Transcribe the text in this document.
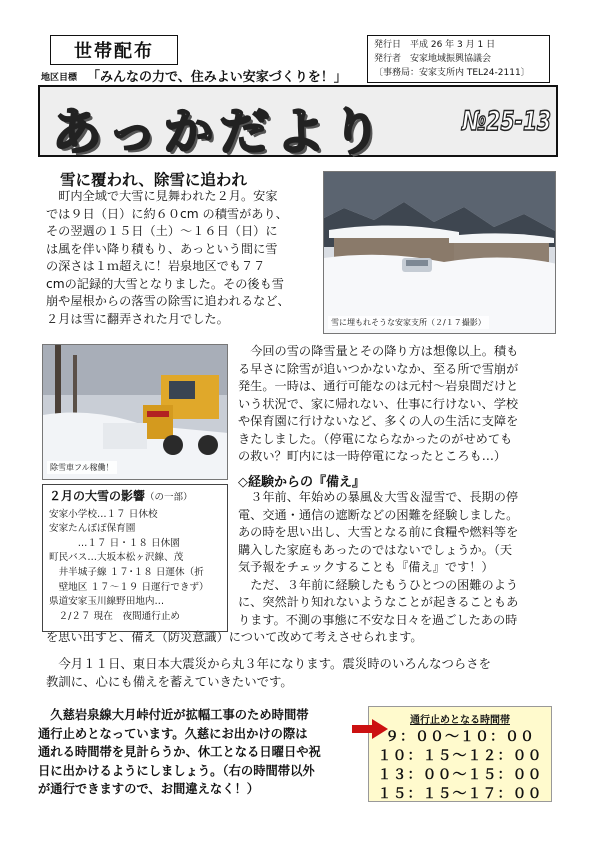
世帯配布
地区目標 「みんなの力で、住みよい安家づくりを！」
発行日 平成 26 年 3 月 1 日
発行者 安家地域振興協議会
〔事務局：安家支所内 TEL24-2111〕
あっかだより	№25-13
雪に覆われ、除雪に追われ
町内全域で大雪に見舞われた２月。安家
では９日（日）に約６０cm の積雪があり、
その翌週の１５日（土）〜１６日（日）に
は風を伴い降り積もり、あっという間に雪
の深さは１ｍ超えに！岩泉地区でも７７
cmの記録的大雪となりました。その後も雪
崩や屋根からの落雪の除雪に追われるなど、
２月は雪に翻弄された月でした。	雪に埋もれそうな安家支所（２/１７撮影）
除雪車フル稼働！
今回の雪の降雪量とその降り方は想像以上。積も
る早さに除雪が追いつかないなか、至る所で雪崩が
発生。一時は、通行可能なのは元村〜岩泉間だけと
いう状況で、家に帰れない、仕事に行けない、学校
や保育園に行けないなど、多くの人の生活に支障を
きたしました。（停電にならなかったのがせめても
の救い？町内には一時停電になったところも…）
◇経験からの『備え』
３年前、年始めの暴風＆大雪＆湿雪で、長期の停
電、交通・通信の遮断などの困難を経験しました。
あの時を思い出し、大雪となる前に食糧や燃料等を
購入した家庭もあったのではないでしょうか。（天
気予報をチェックすることも『備え』です！）
ただ、３年前に経験したもうひとつの困難のよう
に、突然計り知れないようなことが起きることもあ
ります。不測の事態に不安な日々を過ごしたあの時
を思い出すと、備え（防災意識）について改めて考えさせられます。
２月の大雪の影響（の一部）
安家小学校…１７ 日休校
安家たんぽぽ保育園
　　　…１７ 日・１８ 日休園
町民バス…大坂本松ヶ沢線、茂
　井半城子線 １７･１８ 日運休（折
　壁地区 １７〜１９ 日運行できず）
県道安家玉川線野田地内…
　２/２７ 現在　夜間通行止め
今月１１日、東日本大震災から丸３年になります。震災時のいろんなつらさを
教訓に、心にも備えを蓄えていきたいです。
久慈岩泉線大月峠付近が拡幅工事のため時間帯
通行止めとなっています。久慈にお出かけの際は
通れる時間帯を見計らうか、休工となる日曜日や祝
日に出かけるようにしましょう。（右の時間帯以外
が通行できますので、お間違えなく！）
通行止めとなる時間帯
９：００〜１０：００
１０：１５〜１２：００
１３：００〜１５：００
１５：１５〜１７：００
